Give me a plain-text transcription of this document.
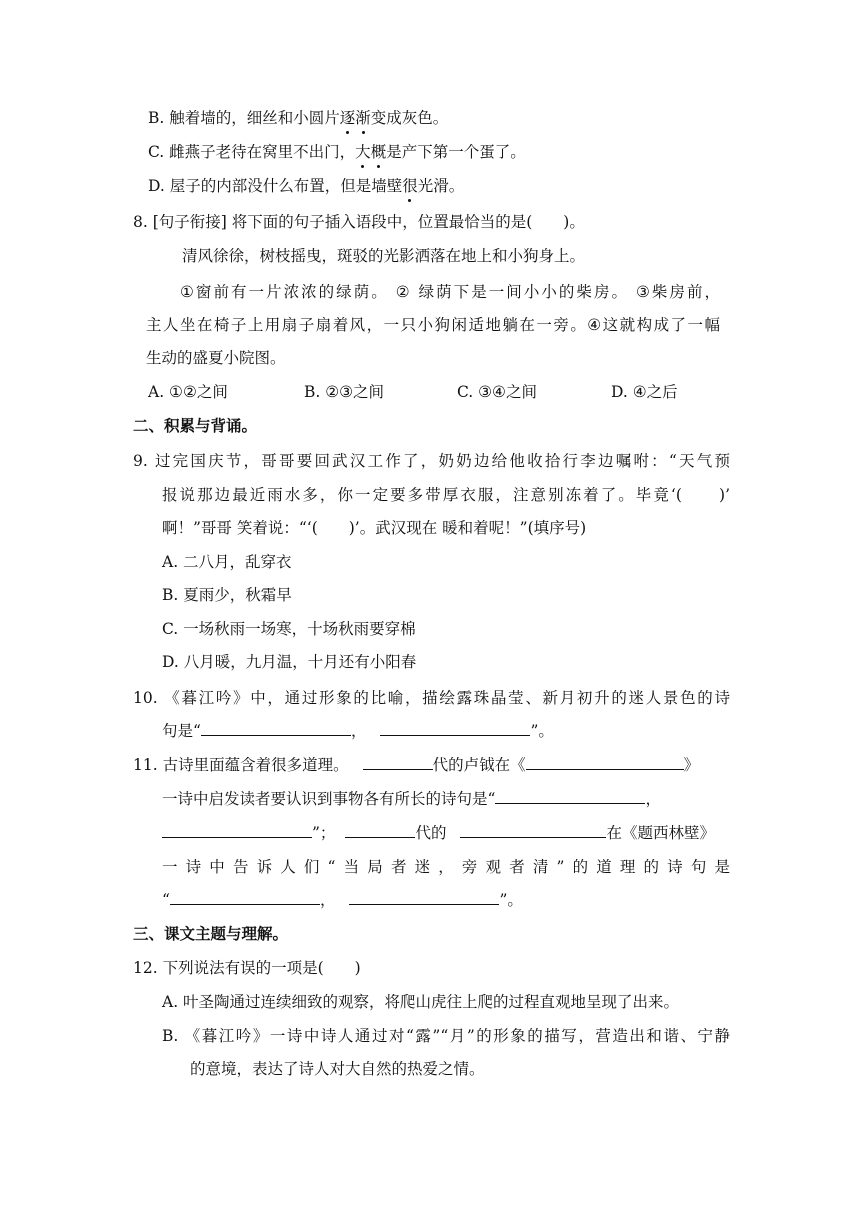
B. 触着墙的，细丝和小圆片逐渐变成灰色。
C. 雌燕子老待在窝里不出门，大概是产下第一个蛋了。
D. 屋子的内部没什么布置，但是墙壁很光滑。
8. [句子衔接] 将下面的句子插入语段中，位置最恰当的是(　　)。
清风徐徐，树枝摇曳，斑驳的光影洒落在地上和小狗身上。
①窗前有一片浓浓的绿荫。 ② 绿荫下是一间小小的柴房。 ③柴房前，
主人坐在椅子上用扇子扇着风，一只小狗闲适地躺在一旁。④这就构成了一幅
生动的盛夏小院图。
A. ①②之间	B. ②③之间	C. ③④之间	D. ④之后
二、积累与背诵。
9. 过完国庆节，哥哥要回武汉工作了，奶奶边给他收拾行李边嘱咐：“天气预
报说那边最近雨水多，你一定要多带厚衣服，注意别冻着了。毕竟‘(　　)’
啊！”哥哥 笑着说：“‘(　　)’。武汉现在 暖和着呢！”(填序号)
A. 二八月，乱穿衣
B. 夏雨少，秋霜早
C. 一场秋雨一场寒，十场秋雨要穿棉
D. 八月暖，九月温，十月还有小阳春
10. 《暮江吟》中，通过形象的比喻，描绘露珠晶莹、新月初升的迷人景色的诗
句是“	，	”。
11. 古诗里面蕴含着很多道理。	代的卢钺在《	》
一诗中启发读者要认识到事物各有所长的诗句是“	，
”；	代的	在《题西林壁》
一诗中告诉人们“当局者迷，旁观者清”的道理的诗句是
“	，	”。
三、课文主题与理解。
12. 下列说法有误的一项是(　　)
A. 叶圣陶通过连续细致的观察，将爬山虎往上爬的过程直观地呈现了出来。
B. 《暮江吟》一诗中诗人通过对“露”“月”的形象的描写，营造出和谐、宁静
的意境，表达了诗人对大自然的热爱之情。
